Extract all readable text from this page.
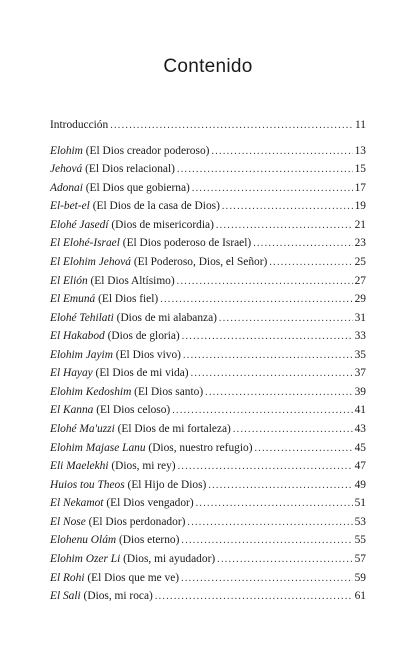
Contenido
Introducción .....	11
Elohim (El Dios creador poderoso) .....	13
Jehová (El Dios relacional) .....	15
Adonai (El Dios que gobierna) .....	17
El-bet-el (El Dios de la casa de Dios) .....	19
Elohé Jasedí (Dios de misericordia) .....	21
El Elohé-Israel (El Dios poderoso de Israel) .....	23
El Elohim Jehová (El Poderoso, Dios, el Señor) .....	25
El Elión (El Dios Altísimo) .....	27
El Emuná (El Dios fiel) .....	29
Elohé Tehilati (Dios de mi alabanza) .....	31
El Hakabod (Dios de gloria) .....	33
Elohim Jayim (El Dios vivo) .....	35
El Hayay (El Dios de mi vida) .....	37
Elohim Kedoshim (El Dios santo) .....	39
El Kanna (El Dios celoso) .....	41
Elohé Ma'uzzi (El Dios de mi fortaleza) .....	43
Elohim Majase Lanu (Dios, nuestro refugio) .....	45
Eli Maelekhi (Dios, mi rey) .....	47
Huios tou Theos (El Hijo de Dios) .....	49
El Nekamot (El Dios vengador) .....	51
El Nose (El Dios perdonador) .....	53
Elohenu Olám (Dios eterno) .....	55
Elohim Ozer Li (Dios, mi ayudador) .....	57
El Rohi (El Dios que me ve) .....	59
El Sali (Dios, mi roca) .....	61
